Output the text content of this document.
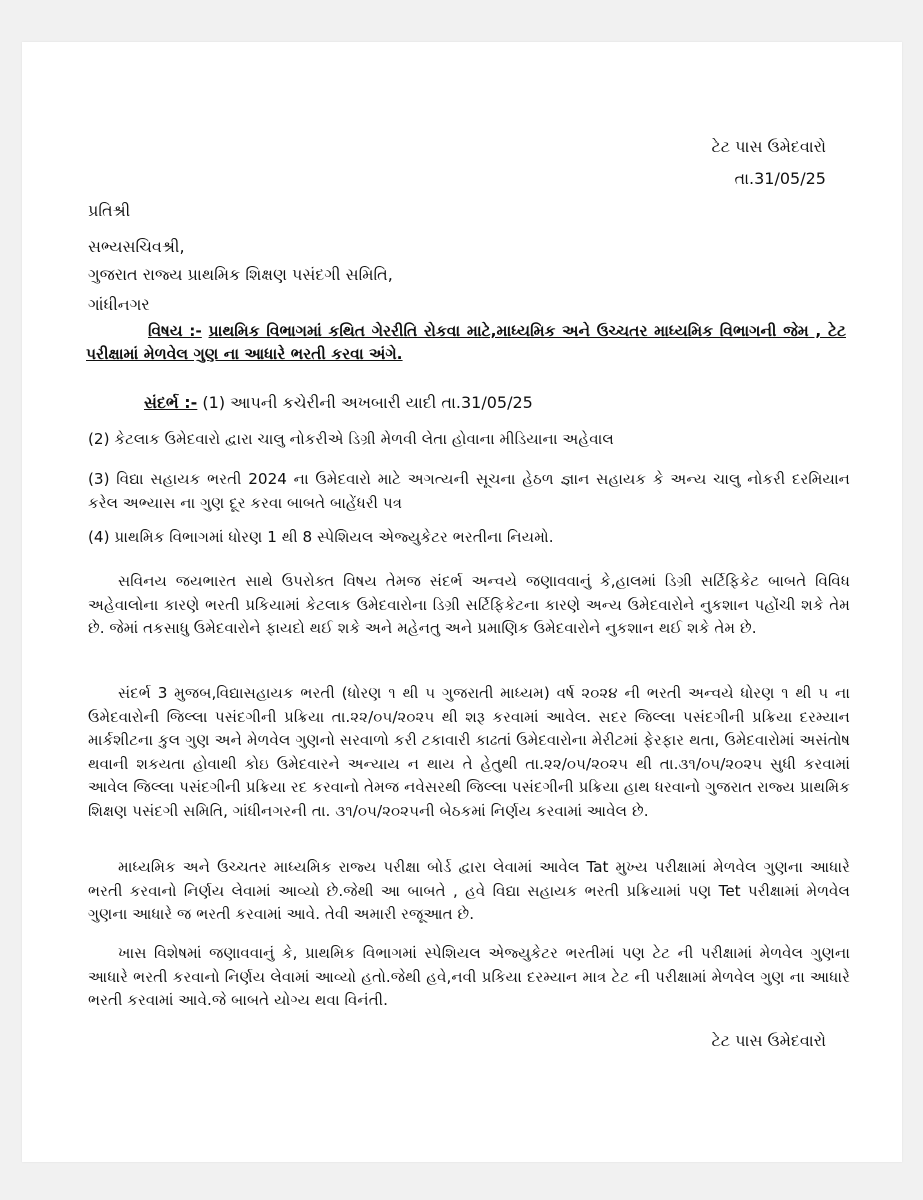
ટેટ પાસ ઉમેદવારો
તા.31/05/25
પ્રતિશ્રી
સભ્યસચિવશ્રી,
ગુજરાત રાજ્ય પ્રાથમિક શિક્ષણ પસંદગી સમિતિ,
ગાંધીનગર
વિષય :- પ્રાથમિક વિભાગમાં કથિત ગેરરીતિ રોકવા માટે,માધ્યમિક અને ઉચ્ચતર માધ્યમિક વિભાગની જેમ , ટેટ પરીક્ષામાં મેળવેલ ગુણ ના આધારે ભરતી કરવા અંગે.
સંદર્ભ :- (1) આપની કચેરીની અખબારી યાદી તા.31/05/25
(2) કેટલાક ઉમેદવારો દ્વારા ચાલુ નોકરીએ ડિગ્રી મેળવી લેતા હોવાના મીડિયાના અહેવાલ
(3) વિદ્યા સહાયક ભરતી 2024 ના ઉમેદવારો માટે અગત્યની સૂચના હેઠળ જ્ઞાન સહાયક કે અન્ય ચાલુ નોકરી દરમિયાન કરેલ અભ્યાસ ના ગુણ દૂર કરવા બાબતે બાહેંધરી પત્ર
(4) પ્રાથમિક વિભાગમાં ધોરણ 1 થી 8 સ્પેશિયલ એજ્યુકેટર ભરતીના નિયમો.
સવિનય જયભારત સાથે ઉપરોક્ત વિષય તેમજ સંદર્ભ અન્વયે જણાવવાનું કે,હાલમાં ડિગ્રી સર્ટિફિકેટ બાબતે વિવિધ અહેવાલોના કારણે ભરતી પ્રકિયામાં કેટલાક ઉમેદવારોના ડિગ્રી સર્ટિફિકેટના કારણે અન્ય ઉમેદવારોને નુકશાન પહોંચી શકે તેમ છે. જેમાં તકસાધુ ઉમેદવારોને ફાયદો થઈ શકે અને મહેનતુ અને પ્રમાણિક ઉમેદવારોને નુકશાન થઈ શકે તેમ છે.
સંદર્ભ 3 મુજબ,વિદ્યાસહાયક ભરતી (ધોરણ ૧ થી ૫ ગુજરાતી માધ્યમ) વર્ષ ૨૦૨૪ ની ભરતી અન્વયે ધોરણ ૧ થી ૫ ના ઉમેદવારોની જિલ્લા પસંદગીની પ્રક્રિયા તા.૨૨/૦૫/૨૦૨૫ થી શરૂ કરવામાં આવેલ. સદર જિલ્લા પસંદગીની પ્રક્રિયા દરમ્યાન માર્કશીટના કુલ ગુણ અને મેળવેલ ગુણનો સરવાળો કરી ટકાવારી કાઢતાં ઉમેદવારોના મેરીટમાં ફેરફાર થતા, ઉમેદવારોમાં અસંતોષ થવાની શકયતા હોવાથી કોઇ ઉમેદવારને અન્યાય ન થાય તે હેતુથી તા.૨૨/૦૫/૨૦૨૫ થી તા.૩૧/૦૫/૨૦૨૫ સુધી કરવામાં આવેલ જિલ્લા પસંદગીની પ્રક્રિયા રદ કરવાનો તેમજ નવેસરથી જિલ્લા પસંદગીની પ્રક્રિયા હાથ ધરવાનો ગુજરાત રાજ્ય પ્રાથમિક શિક્ષણ પસંદગી સમિતિ, ગાંધીનગરની તા. ૩૧/૦૫/૨૦૨૫ની બેઠકમાં નિર્ણય કરવામાં આવેલ છે.
માધ્યમિક અને ઉચ્ચતર માધ્યમિક રાજ્ય પરીક્ષા બોર્ડ દ્વારા લેવામાં આવેલ Tat મુખ્ય પરીક્ષામાં મેળવેલ ગુણના આધારે ભરતી કરવાનો નિર્ણય લેવામાં આવ્યો છે.જેથી આ બાબતે , હવે વિદ્યા સહાયક ભરતી પ્રક્રિયામાં પણ Tet પરીક્ષામાં મેળવેલ ગુણના આધારે જ ભરતી કરવામાં આવે. તેવી અમારી રજૂઆત છે.
ખાસ વિશેષમાં જણાવવાનું કે, પ્રાથમિક વિભાગમાં સ્પેશિયલ એજ્યુકેટર ભરતીમાં પણ ટેટ ની પરીક્ષામાં મેળવેલ ગુણના આધારે ભરતી કરવાનો નિર્ણય લેવામાં આવ્યો હતો.જેથી હવે,નવી પ્રકિયા દરમ્યાન માત્ર ટેટ ની પરીક્ષામાં મેળવેલ ગુણ ના આધારે ભરતી કરવામાં આવે.જે બાબતે યોગ્ય થવા વિનંતી.
ટેટ પાસ ઉમેદવારો
